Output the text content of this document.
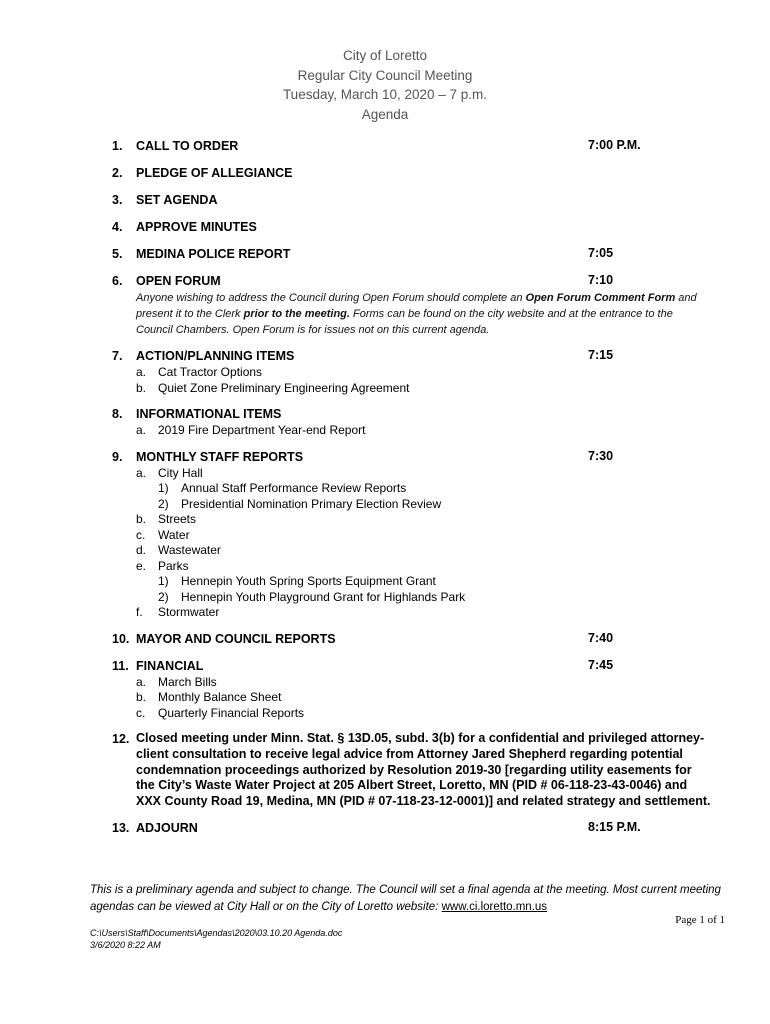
City of Loretto
Regular City Council Meeting
Tuesday, March 10, 2020 – 7 p.m.
Agenda
1.	CALL TO ORDER	7:00 P.M.
2.	PLEDGE OF ALLEGIANCE
3.	SET AGENDA
4.	APPROVE MINUTES
5.	MEDINA POLICE REPORT	7:05
6.	OPEN FORUM	7:10
Anyone wishing to address the Council during Open Forum should complete an Open Forum Comment Form and present it to the Clerk prior to the meeting. Forms can be found on the city website and at the entrance to the Council Chambers. Open Forum is for issues not on this current agenda.
7.	ACTION/PLANNING ITEMS	7:15
a. Cat Tractor Options
b. Quiet Zone Preliminary Engineering Agreement
8.	INFORMATIONAL ITEMS
a. 2019 Fire Department Year-end Report
9.	MONTHLY STAFF REPORTS	7:30
a. City Hall
1)	Annual Staff Performance Review Reports
2)	Presidential Nomination Primary Election Review
b. Streets
c.	Water
d. Wastewater
e. Parks
1)	Hennepin Youth Spring Sports Equipment Grant
2)	Hennepin Youth Playground Grant for Highlands Park
f.	Stormwater
10. MAYOR AND COUNCIL REPORTS	7:40
11. FINANCIAL	7:45
a. March Bills
b. Monthly Balance Sheet
c.	Quarterly Financial Reports
12. Closed meeting under Minn. Stat. § 13D.05, subd. 3(b) for a confidential and privileged attorney-client consultation to receive legal advice from Attorney Jared Shepherd regarding potential condemnation proceedings authorized by Resolution 2019-30 [regarding utility easements for the City’s Waste Water Project at 205 Albert Street, Loretto, MN (PID # 06-118-23-43-0046) and XXX County Road 19, Medina, MN (PID # 07-118-23-12-0001)] and related strategy and settlement.
13. ADJOURN	8:15 P.M.
This is a preliminary agenda and subject to change. The Council will set a final agenda at the meeting. Most current meeting agendas can be viewed at City Hall or on the City of Loretto website: www.ci.loretto.mn.us
Page 1 of 1
C:\Users\Staff\Documents\Agendas\2020\03.10.20 Agenda.doc
3/6/2020 8:22 AM
